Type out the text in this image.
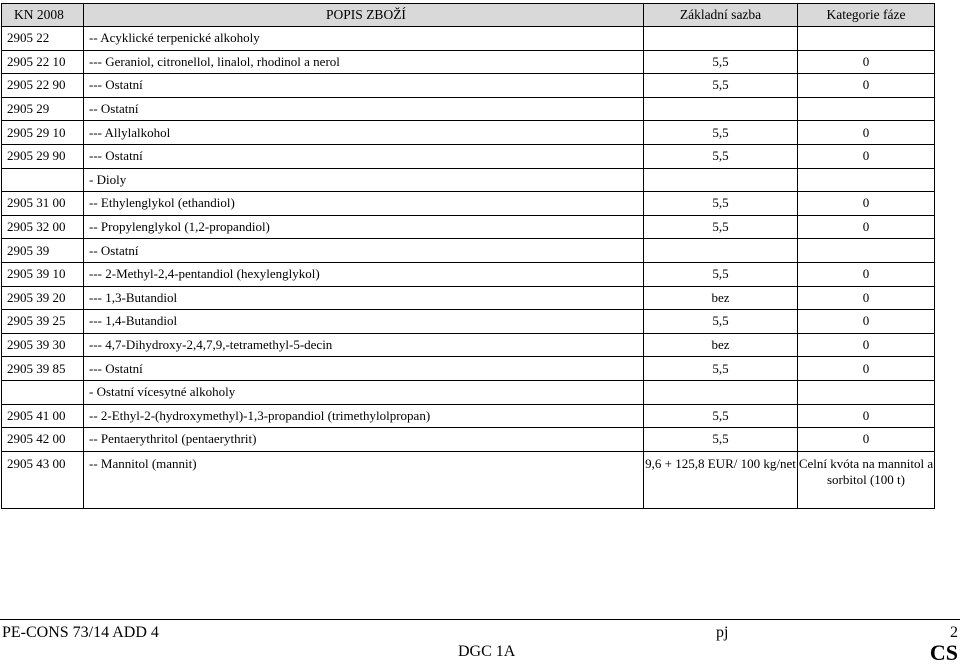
KN 2008	POPIS ZBOŽÍ	Základní sazba	Kategorie fáze
2905 22	-- Acyklické terpenické alkoholy		
2905 22 10	--- Geraniol, citronellol, linalol, rhodinol a nerol	5,5	0
2905 22 90	--- Ostatní	5,5	0
2905 29	-- Ostatní		
2905 29 10	--- Allylalkohol	5,5	0
2905 29 90	--- Ostatní	5,5	0
	- Dioly		
2905 31 00	-- Ethylenglykol (ethandiol)	5,5	0
2905 32 00	-- Propylenglykol (1,2-propandiol)	5,5	0
2905 39	-- Ostatní		
2905 39 10	--- 2-Methyl-2,4-pentandiol (hexylenglykol)	5,5	0
2905 39 20	--- 1,3-Butandiol	bez	0
2905 39 25	--- 1,4-Butandiol	5,5	0
2905 39 30	--- 4,7-Dihydroxy-2,4,7,9,-tetramethyl-5-decin	bez	0
2905 39 85	--- Ostatní	5,5	0
	- Ostatní vícesytné alkoholy		
2905 41 00	-- 2-Ethyl-2-(hydroxymethyl)-1,3-propandiol (trimethylolpropan)	5,5	0
2905 42 00	-- Pentaerythritol (pentaerythrit)	5,5	0
2905 43 00	-- Mannitol (mannit)	9,6 + 125,8 EUR/ 100 kg/net	Celní kvóta na mannitol a sorbitol (100 t)
PE-CONS 73/14 ADD 4	pj	2
DGC 1A	CS
